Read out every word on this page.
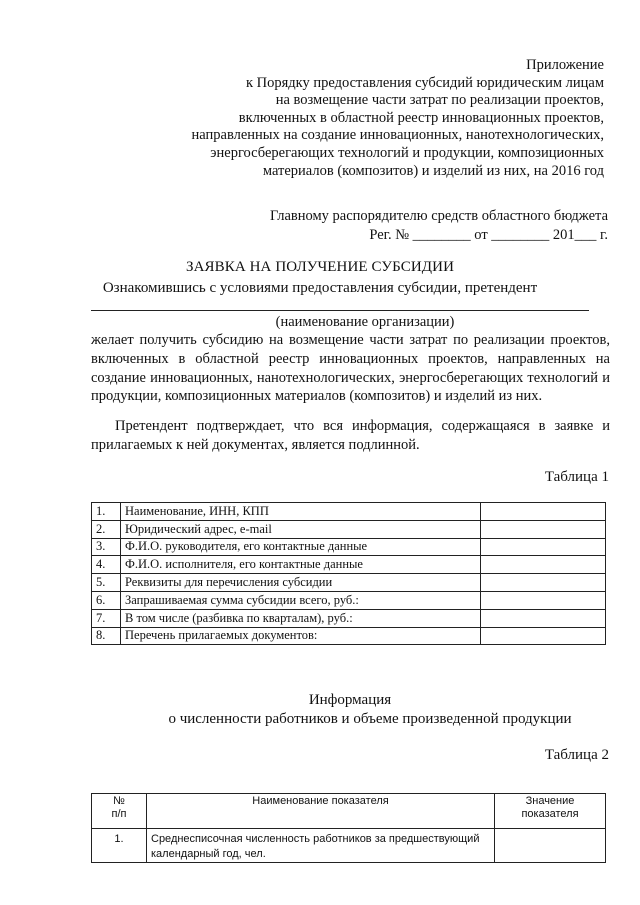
Приложение
к Порядку предоставления субсидий юридическим лицам
на возмещение части затрат по реализации проектов,
включенных в областной реестр инновационных проектов,
направленных на создание инновационных, нанотехнологических,
энергосберегающих технологий и продукции, композиционных
материалов (композитов) и изделий из них, на 2016 год
Главному распорядителю средств областного бюджета
Рег. № ________ от ________ 201___ г.
ЗАЯВКА НА ПОЛУЧЕНИЕ СУБСИДИИ
Ознакомившись с условиями предоставления субсидии, претендент
(наименование организации)
желает получить субсидию на возмещение части затрат по реализации проектов, включенных в областной реестр инновационных проектов, направленных на создание инновационных, нанотехнологических, энергосберегающих технологий и продукции, композиционных материалов (композитов) и изделий из них.
Претендент подтверждает, что вся информация, содержащаяся в заявке и прилагаемых к ней документах, является подлинной.
Таблица 1
1.	Наименование, ИНН, КПП	
2.	Юридический адрес, e-mail	
3.	Ф.И.О. руководителя, его контактные данные	
4.	Ф.И.О. исполнителя, его контактные данные	
5.	Реквизиты для перечисления субсидии	
6.	Запрашиваемая сумма субсидии всего, руб.:	
7.	В том числе (разбивка по кварталам), руб.:	
8.	Перечень прилагаемых документов:	
Информация
о численности работников и объеме произведенной продукции
Таблица 2
№
п/п	Наименование показателя	Значение
показателя

1.	Среднесписочная численность работников за предшествующий календарный год, чел.	
